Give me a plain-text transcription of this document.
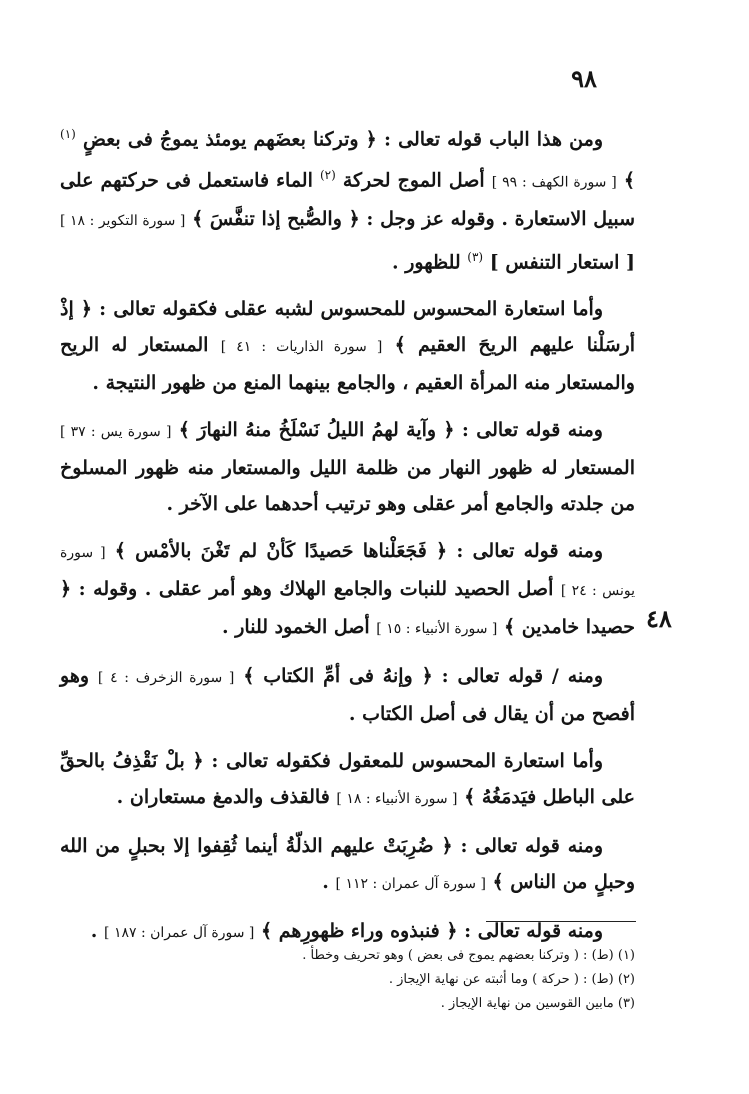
٩٨
٤٨

ومن هذا الباب قوله تعالى : ﴿ وتركنا بعضَهم يومئذ يموجُ فى بعضٍ $^{(١)}$ ﴾ [ سورة الكهف : ٩٩ ] أصل الموج لحركة $^{(٢)}$ الماء فاستعمل فى حركتهم على سبيل الاستعارة . وقوله عز وجل : ﴿ والصُّبح إذا تنفَّسَ ﴾ [ سورة التكوير : ١٨ ] [ استعار التنفس ] $^{(٣)}$ للظهور .

وأما استعارة المحسوس للمحسوس لشبه عقلى فكقوله تعالى : ﴿ إذْ أرسَلْنا عليهم الريحَ العقيم ﴾ [ سورة الذاريات : ٤١ ] المستعار له الريح والمستعار منه المرأة العقيم ، والجامع بينهما المنع من ظهور النتيجة .

ومنه قوله تعالى : ﴿ وآية لهمُ الليلُ نَسْلَخُ منهُ النهارَ ﴾ [ سورة يس : ٣٧ ] المستعار له ظهور النهار من ظلمة الليل والمستعار منه ظهور المسلوخ من جلدته والجامع أمر عقلى وهو ترتيب أحدهما على الآخر .

ومنه قوله تعالى : ﴿ فَجَعَلْناها حَصيدًا كَأنْ لم تَغْنَ بالأمْس ﴾ [ سورة يونس : ٢٤ ] أصل الحصيد للنبات والجامع الهلاك وهو أمر عقلى . وقوله : ﴿ حصيدا خامدين ﴾ [ سورة الأنبياء : ١٥ ] أصل الخمود للنار .

ومنه / قوله تعالى : ﴿ وإنهُ فى أمِّ الكتاب ﴾ [ سورة الزخرف : ٤ ] وهو أفصح من أن يقال فى أصل الكتاب .

وأما استعارة المحسوس للمعقول فكقوله تعالى : ﴿ بلْ نَقْذِفُ بالحقِّ على الباطل فيَدمَغُهُ ﴾ [ سورة الأنبياء : ١٨ ] فالقذف والدمغ مستعاران .

ومنه قوله تعالى : ﴿ ضُرِبَتْ عليهم الذلّةُ أينما ثُقِفوا إلا بحبلٍ من الله وحبلٍ من الناس ﴾ [ سورة آل عمران : ١١٢ ] .

ومنه قوله تعالى : ﴿ فنبذوه وراء ظهورِهم ﴾ [ سورة آل عمران : ١٨٧ ] .

(١) (ط) : ( وتركنا بعضهم يموج فى بعض ) وهو تحريف وخطأ .

(٢) (ط) : ( حركة ) وما أثبته عن نهاية الإيجاز .

(٣) مابين القوسين من نهاية الإيجاز .
